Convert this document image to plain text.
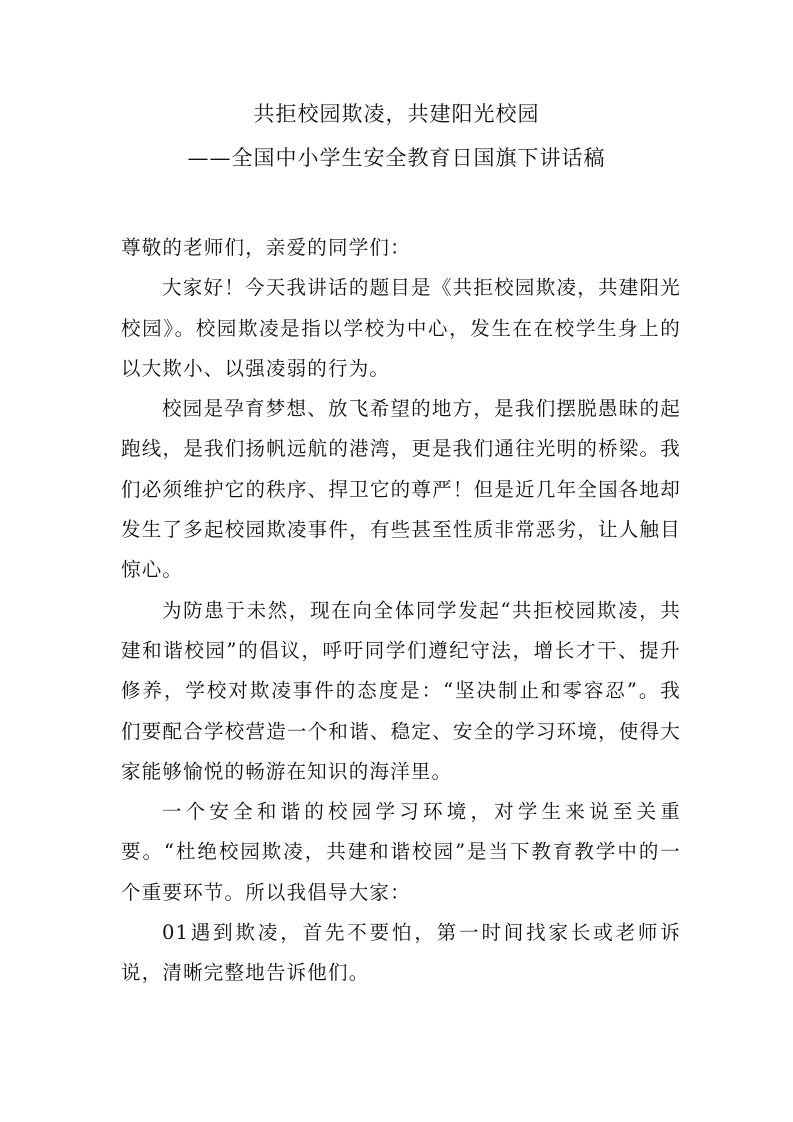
共拒校园欺凌，共建阳光校园
——全国中小学生安全教育日国旗下讲话稿

尊敬的老师们，亲爱的同学们：

大家好！今天我讲话的题目是《共拒校园欺凌，共建阳光校园》。校园欺凌是指以学校为中心，发生在在校学生身上的以大欺小、以强凌弱的行为。

校园是孕育梦想、放飞希望的地方，是我们摆脱愚昧的起跑线，是我们扬帆远航的港湾，更是我们通往光明的桥梁。我们必须维护它的秩序、捍卫它的尊严！但是近几年全国各地却发生了多起校园欺凌事件，有些甚至性质非常恶劣，让人触目惊心。

为防患于未然，现在向全体同学发起“共拒校园欺凌，共建和谐校园”的倡议，呼吁同学们遵纪守法，增长才干、提升修养，学校对欺凌事件的态度是：“坚决制止和零容忍”。我们要配合学校营造一个和谐、稳定、安全的学习环境，使得大家能够愉悦的畅游在知识的海洋里。

一个安全和谐的校园学习环境，对学生来说至关重要。“杜绝校园欺凌，共建和谐校园”是当下教育教学中的一个重要环节。所以我倡导大家：

01遇到欺凌，首先不要怕，第一时间找家长或老师诉说，清晰完整地告诉他们。
